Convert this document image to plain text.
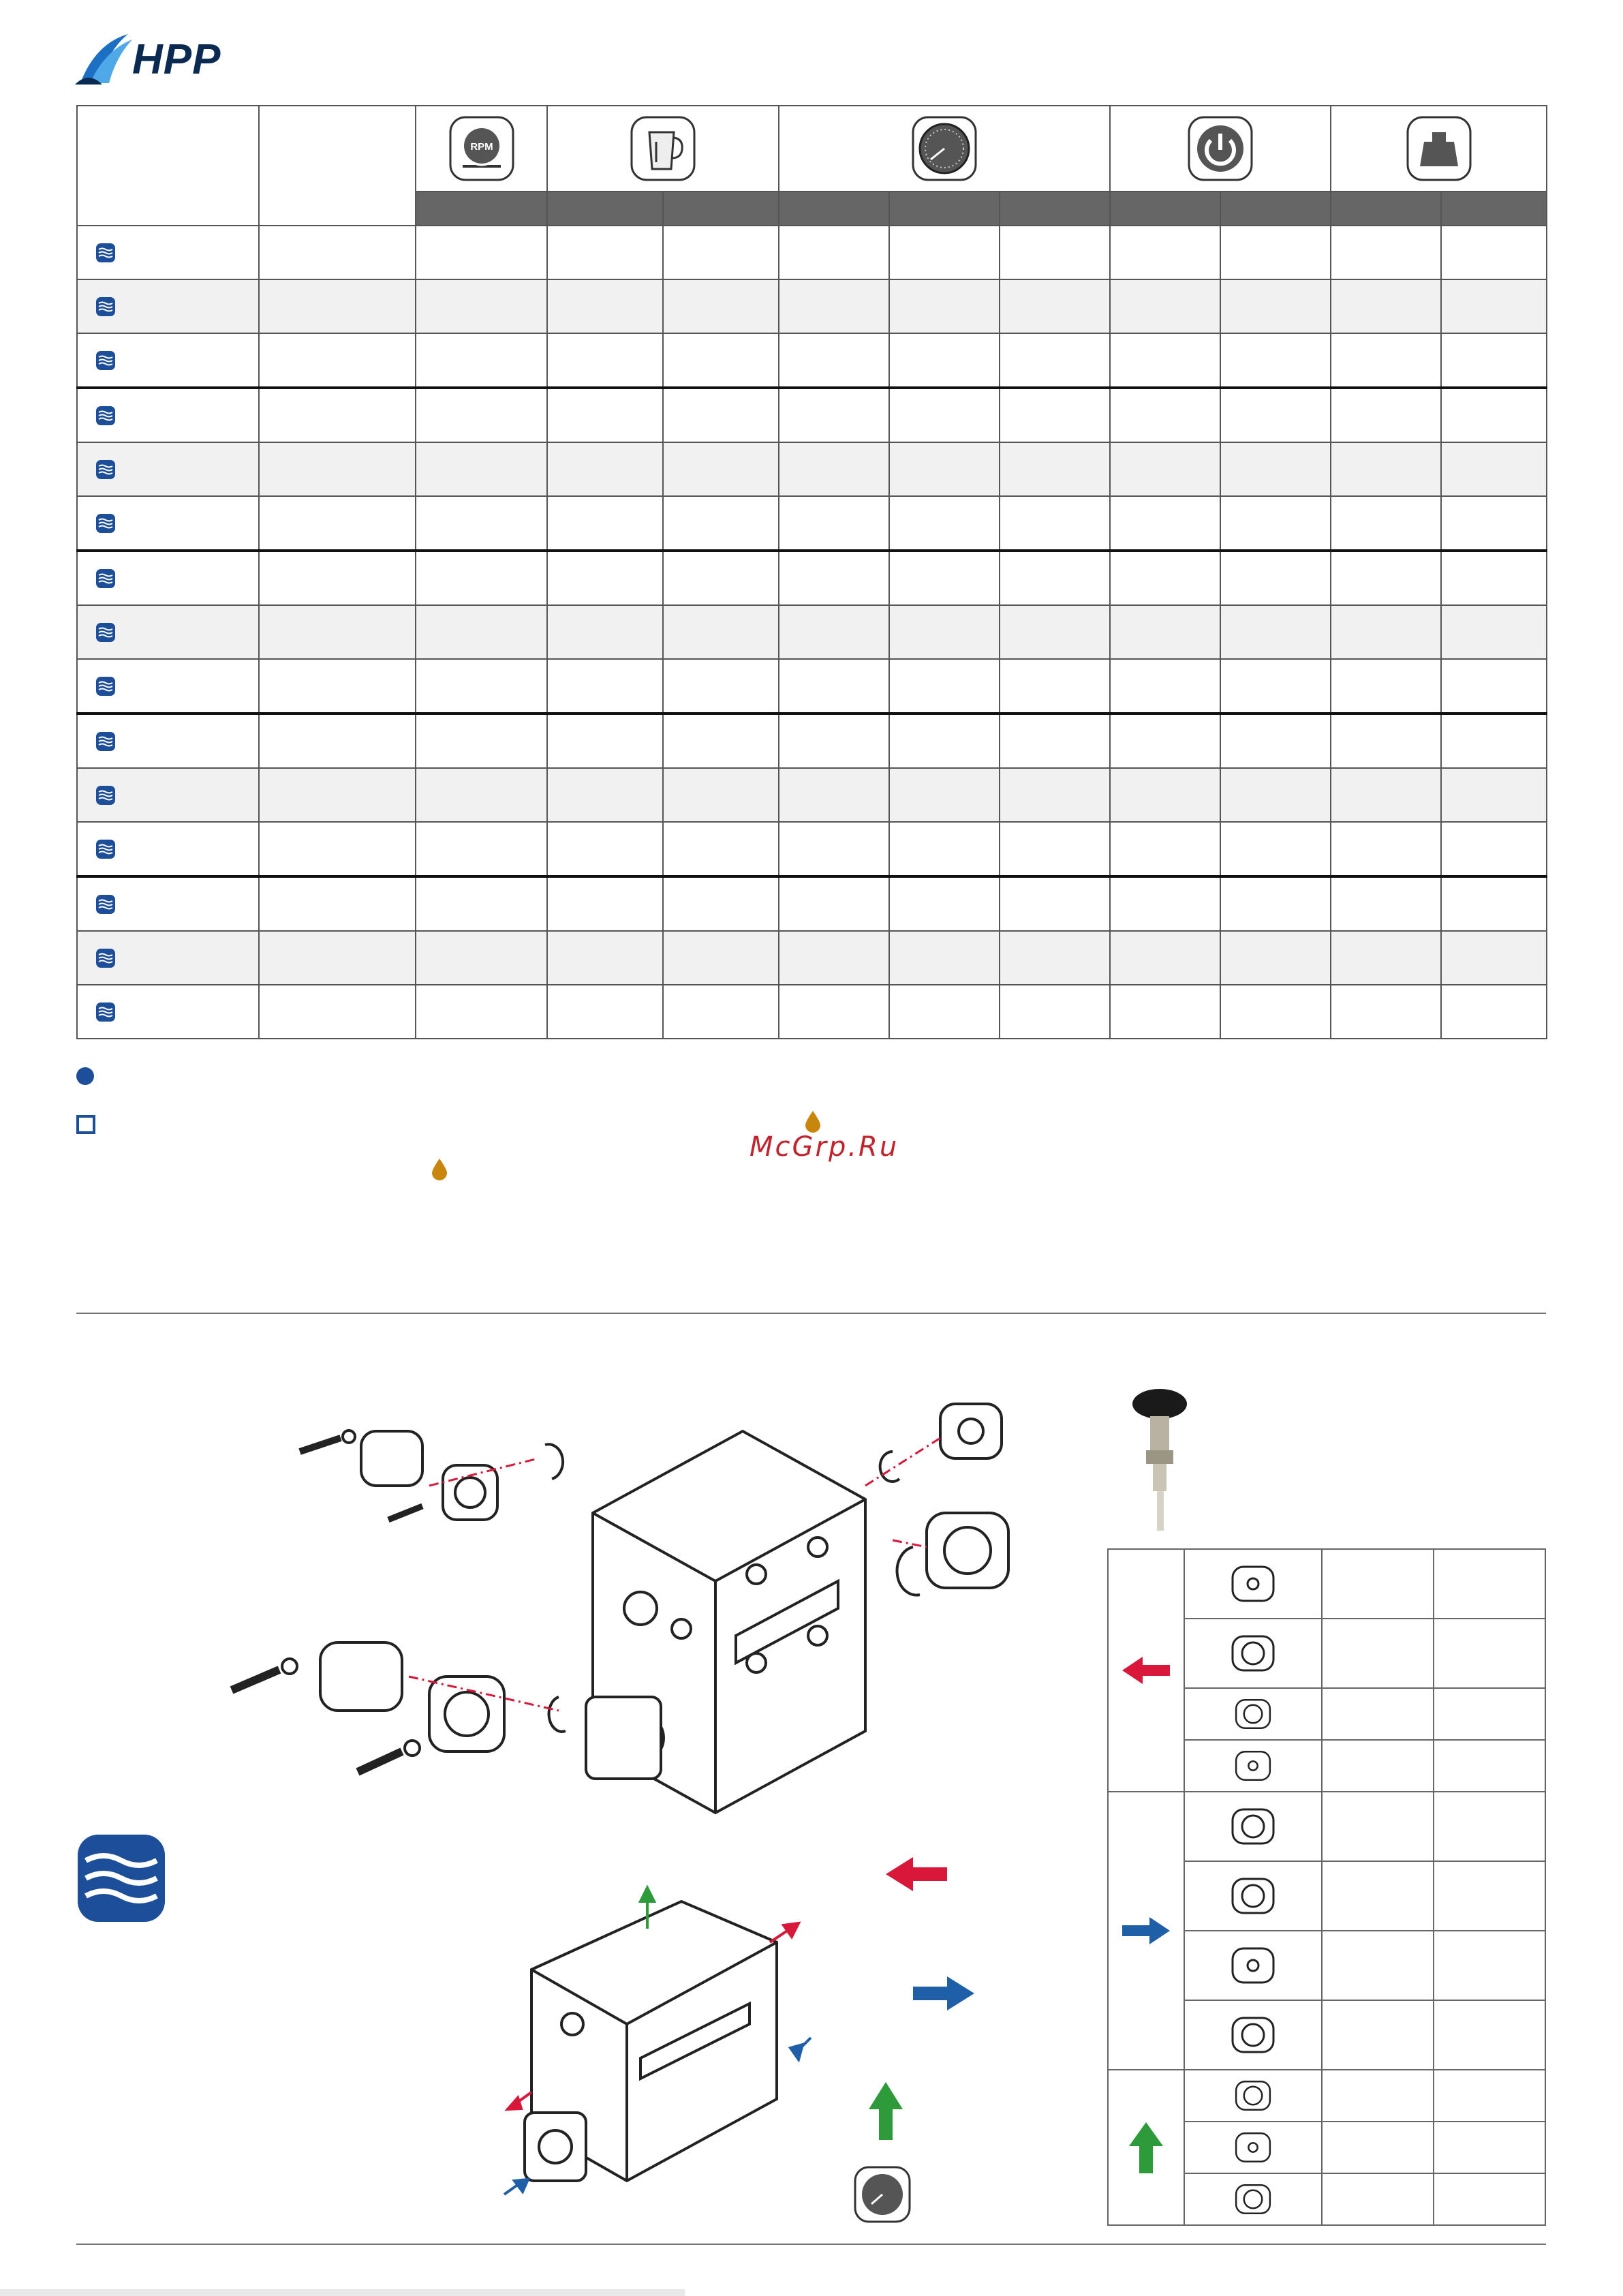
HPP

RPM

McGrp.Ru
